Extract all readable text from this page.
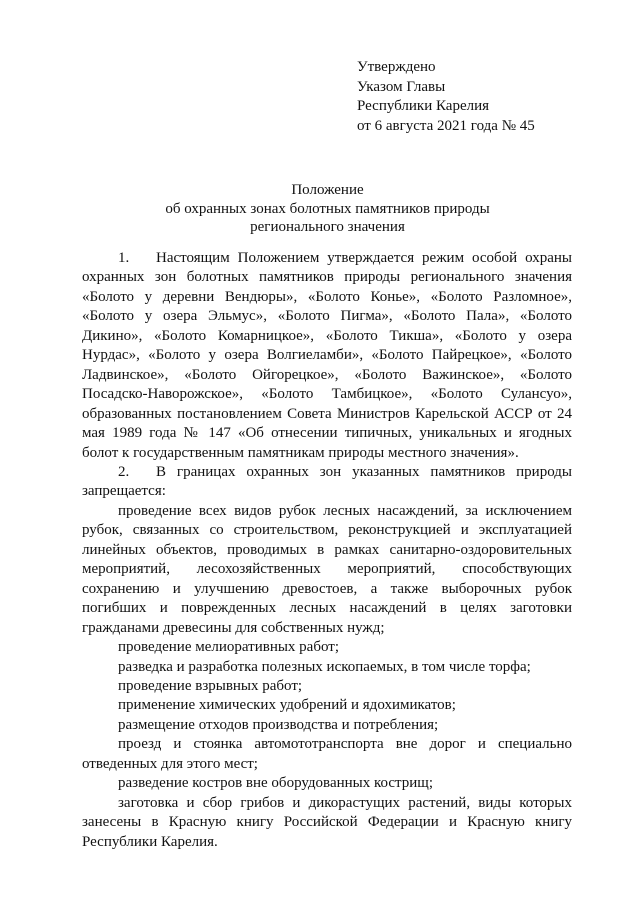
Утверждено
Указом Главы
Республики Карелия
от 6 августа 2021 года № 45
Положение
об охранных зонах болотных памятников природы
регионального значения

1. Настоящим Положением утверждается режим особой охраны охранных зон болотных памятников природы регионального значения «Болото у деревни Вендюры», «Болото Конье», «Болото Разломное», «Болото у озера Эльмус», «Болото Пигма», «Болото Пала», «Болото Дикино», «Болото Комарницкое», «Болото Тикша», «Болото у озера Нурдас», «Болото у озера Волгиеламби», «Болото Пайрецкое», «Болото Ладвинское», «Болото Ойгорецкое», «Болото Важинское», «Болото Посадско-Наворожское», «Болото Тамбицкое», «Болото Сулансуо», образованных постановлением Совета Министров Карельской АССР от 24 мая 1989 года № 147 «Об отнесении типичных, уникальных и ягодных болот к государственным памятникам природы местного значения».

2. В границах охранных зон указанных памятников природы запрещается:

проведение всех видов рубок лесных насаждений, за исключением рубок, связанных со строительством, реконструкцией и эксплуатацией линейных объектов, проводимых в рамках санитарно-оздоровительных мероприятий, лесохозяйственных мероприятий, способствующих сохранению и улучшению древостоев, а также выборочных рубок погибших и поврежденных лесных насаждений в целях заготовки гражданами древесины для собственных нужд;

проведение мелиоративных работ;

разведка и разработка полезных ископаемых, в том числе торфа;

проведение взрывных работ;

применение химических удобрений и ядохимикатов;

размещение отходов производства и потребления;

проезд и стоянка автомототранспорта вне дорог и специально отведенных для этого мест;

разведение костров вне оборудованных кострищ;

заготовка и сбор грибов и дикорастущих растений, виды которых занесены в Красную книгу Российской Федерации и Красную книгу Республики Карелия.
